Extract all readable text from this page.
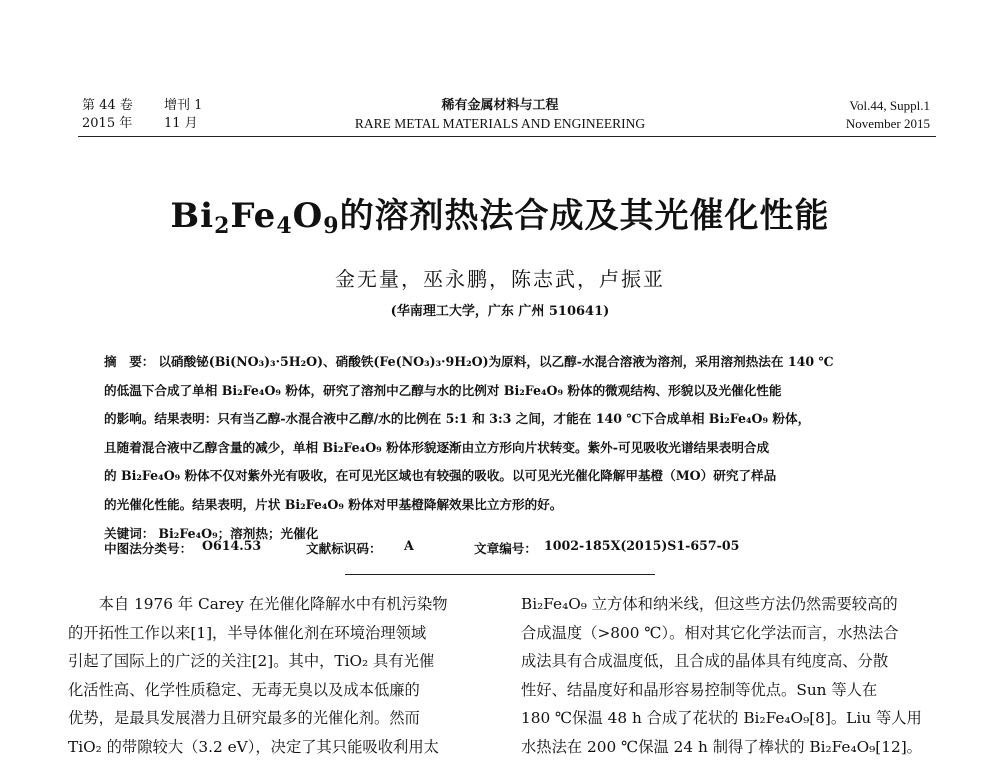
第 44 卷 增刊 1
2015 年 11 月
稀有金属材料与工程
RARE METAL MATERIALS AND ENGINEERING
Vol.44, Suppl.1
November 2015
$Bi_2Fe_4O_9$的溶剂热法合成及其光催化性能
金无量，巫永鹏，陈志武，卢振亚
(华南理工大学，广东 广州 510641)
摘　要： 以硝酸铋(Bi(NO₃)₃·5H₂O)、硝酸铁(Fe(NO₃)₃·9H₂O)为原料，以乙醇-水混合溶液为溶剂，采用溶剂热法在 140 ℃
的低温下合成了单相 Bi₂Fe₄O₉ 粉体，研究了溶剂中乙醇与水的比例对 Bi₂Fe₄O₉ 粉体的微观结构、形貌以及光催化性能
的影响。结果表明：只有当乙醇-水混合液中乙醇/水的比例在 5:1 和 3:3 之间，才能在 140 ℃下合成单相 Bi₂Fe₄O₉ 粉体，
且随着混合液中乙醇含量的减少，单相 Bi₂Fe₄O₉ 粉体形貌逐渐由立方形向片状转变。紫外-可见吸收光谱结果表明合成
的 Bi₂Fe₄O₉ 粉体不仅对紫外光有吸收，在可见光区域也有较强的吸收。以可见光光催化降解甲基橙（MO）研究了样品
的光催化性能。结果表明，片状 Bi₂Fe₄O₉ 粉体对甲基橙降解效果比立方形的好。
关键词： Bi₂Fe₄O₉；溶剂热；光催化
中图法分类号： O614.53	文献标识码： A	文章编号： 1002-185X(2015)S1-657-05
　　本自 1976 年 Carey 在光催化降解水中有机污染物
的开拓性工作以来[1]，半导体催化剂在环境治理领域
引起了国际上的广泛的关注[2]。其中，TiO₂ 具有光催
化活性高、化学性质稳定、无毒无臭以及成本低廉的
优势，是最具发展潜力且研究最多的光催化剂。然而
TiO₂ 的带隙较大（3.2 eV），决定了其只能吸收利用太
Bi₂Fe₄O₉ 立方体和纳米线，但这些方法仍然需要较高的
合成温度（>800 ℃）。相对其它化学法而言，水热法合
成法具有合成温度低，且合成的晶体具有纯度高、分散
性好、结晶度好和晶形容易控制等优点。Sun 等人在
180 ℃保温 48 h 合成了花状的 Bi₂Fe₄O₉[8]。Liu 等人用
水热法在 200 ℃保温 24 h 制得了棒状的 Bi₂Fe₄O₉[12]。
